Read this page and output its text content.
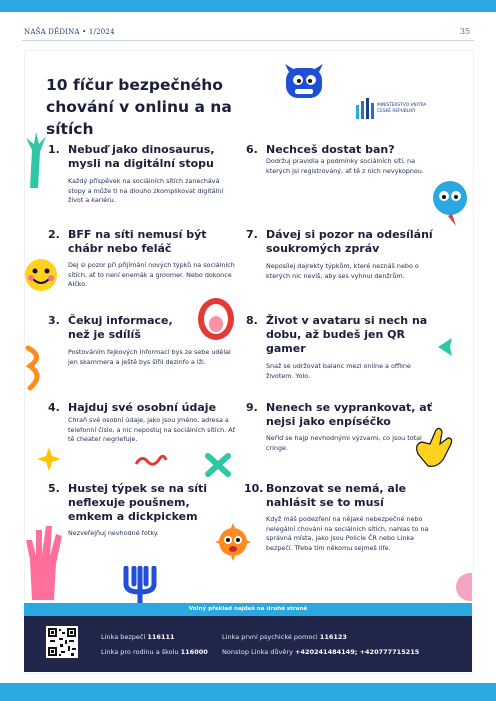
NAŠA DĚDINA • 1/2024	35
MINISTERSTVO VNITRA
ČESKÉ REPUBLIKY
10 fíčur bezpečného
chování v onlinu a na sítích
1. Nebuď jako dinosaurus, mysli na digitální stopu
Každý příspěvek na sociálních sítích zanechává stopy a může ti na dlouho zkomplikovat digitální život a kariéru.
2. BFF na síti nemusí být chábr nebo feláč
Dej si pozor při přijímání nových týpků na sociálních sítích, ať to není enemák a groomer. Nebo dokonce AIčko.
3. Čekuj informace, než je sdílíš
Postováním fejkových informací bys ze sebe udělal jen skammera a ještě bys šířil dezinfo a lži.
4. Hajduj své osobní údaje
Chraň své osobní údaje, jako jsou jméno, adresa a telefonní číslo, a nic nepostuj na sociálních sítích. Ať tě cheater negriefuje.
5. Hustej týpek se na síti neflexuje poušnem, emkem a dickpickem
Nezveřejňuj nevhodné fotky.
6. Nechceš dostat ban?
Dodržuj pravidla a podmínky sociálních sítí, na kterých jsi registrovaný, ať tě z nich nevykopnou.
7. Dávej si pozor na odesílání soukromých zpráv
Neposílej dajrekty týpkům, které neznáš nebo o kterých nic nevíš, aby ses vyhnul denžrům.
8. Život v avataru si nech na dobu, až budeš jen QR gamer
Snaž se udržovat balanc mezi online a offline životem. Yolo.
9. Nenech se vyprankovat, ať nejsi jako enpíséčko
Neřiď se hajp nevhodnými výzvami, co jsou total cringe.
10. Bonzovat se nemá, ale nahlásit se to musí
Když máš podezření na nějaké nebezpečné nebo nelegální chování na sociálních sítích, nahlas to na správná místa, jako jsou Policie ČR nebo Linka bezpečí. Třeba tím někomu sejmeš life.
Volný překlad najdeš na druhé straně
Linka bezpečí 116111
Linka pro rodinu a školu 116000
Linka první psychické pomoci 116123
Nonstop Linka důvěry +420241484149; +420777715215
